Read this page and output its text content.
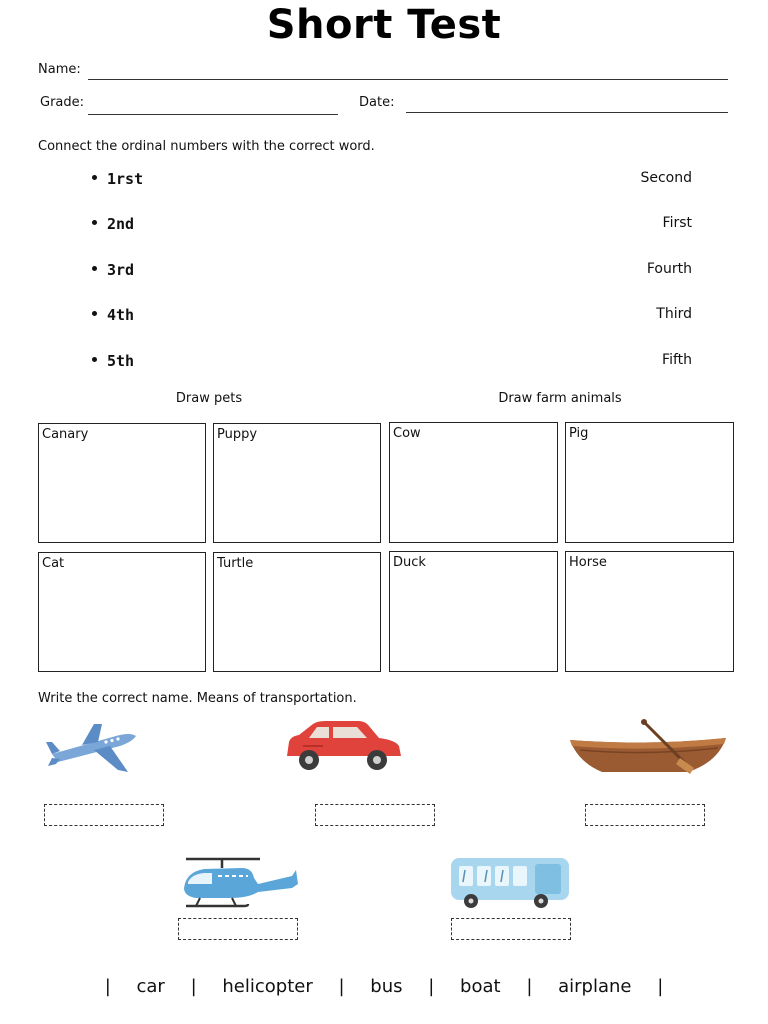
Short Test
Name:
Grade:	Date:
Connect the ordinal numbers with the correct word.
1rst	Second
2nd	First
3rd	Fourth
4th	Third
5th	Fifth
Draw pets	Draw farm animals
Canary	Puppy	Cow	Pig
Cat	Turtle	Duck	Horse
Write the correct name. Means of transportation.
| car | helicopter | bus | boat | airplane |
